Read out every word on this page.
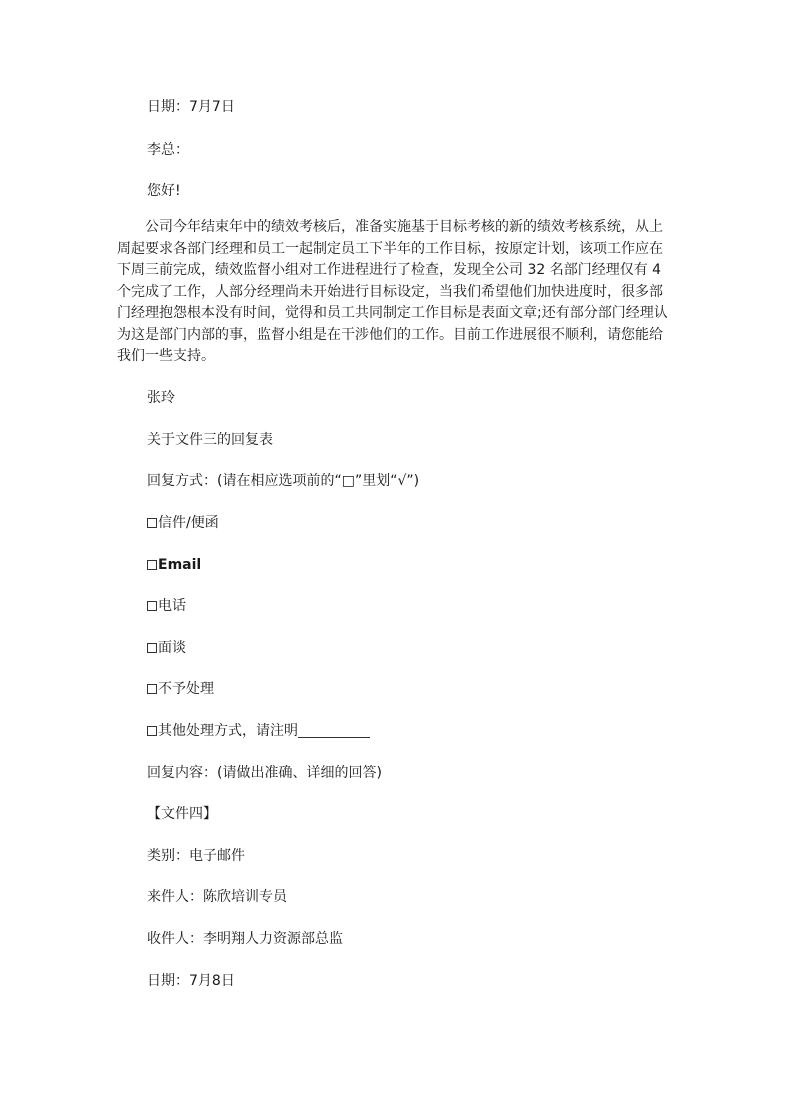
日期：7月7日
李总：
您好!

公司今年结束年中的绩效考核后，准备实施基于目标考核的新的绩效考核系统，从上

周起要求各部门经理和员工一起制定员工下半年的工作目标，按原定计划，该项工作应在

下周三前完成，绩效监督小组对工作进程进行了检查，发现全公司 32 名部门经理仅有 4

个完成了工作，人部分经理尚未开始进行目标设定，当我们希望他们加快进度时，很多部

门经理抱怨根本没有时间，觉得和员工共同制定工作目标是表面文章;还有部分部门经理认

为这是部门内部的事，监督小组是在干涉他们的工作。目前工作进展很不顺利，请您能给

我们一些支持。

张玲
关于文件三的回复表
回复方式：(请在相应选项前的“□”里划“√”)
信件/便函
Email
电话
面谈
不予处理
其他处理方式，请注明
回复内容：(请做出准确、详细的回答)
【文件四】
类别：电子邮件
来件人：陈欣培训专员
收件人：李明翔人力资源部总监
日期：7月8日
